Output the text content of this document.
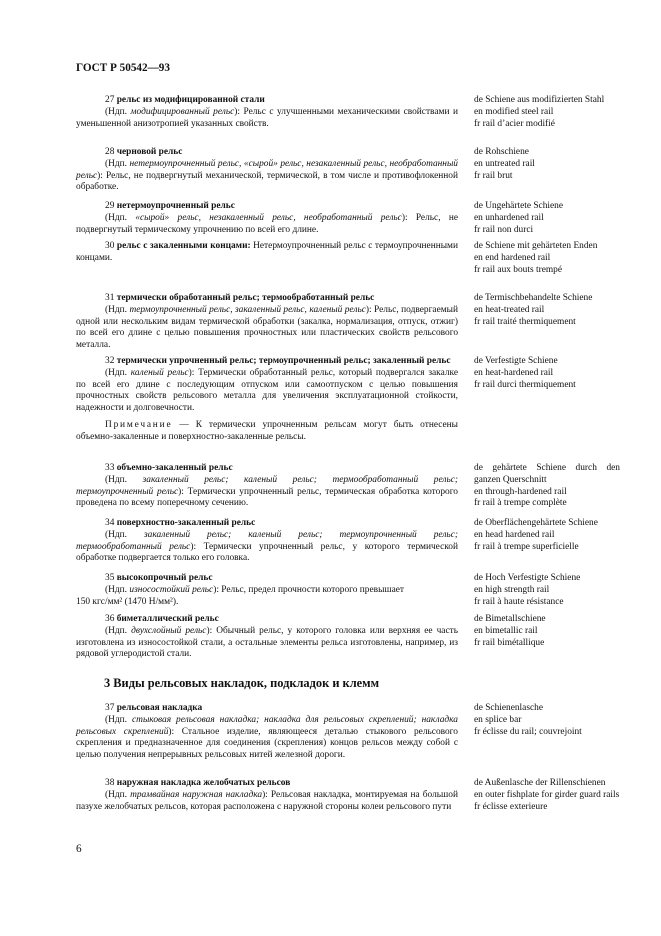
ГОСТ Р 50542—93

27 рельс из модифицированной стали

(Ндп. модифицированный рельс): Рельс с улучшенными механическими свойствами и уменьшенной анизотропией указанных свойств.

de Schiene aus modifizierten Stahl
en modified steel rail
fr rail d’acier modifié

28 черновой рельс

(Ндп. нетермоупрочненный рельс, «сырой» рельс, незакаленный рельс, необработанный рельс): Рельс, не подвергнутый механической, термической, в том числе и противофлокенной обработке.

de Rohschiene
en untreated rail
fr rail brut

29 нетермоупрочненный рельс

(Ндп. «сырой» рельс, незакаленный рельс, необработанный рельс): Рельс, не подвергнутый термическому упрочнению по всей его длине.

de Ungehärtete Schiene
en unhardened rail
fr rail non durci

30 рельс с закаленными концами: Нетермоупрочненный рельс с термоупрочненными концами.

de Schiene mit gehärteten Enden
en end hardened rail
fr rail aux bouts trempé

31 термически обработанный рельс; термообработанный рельс

(Ндп. термоупрочненный рельс, закаленный рельс, каленый рельс): Рельс, подвергаемый одной или нескольким видам термической обработки (закалка, нормализация, отпуск, отжиг) по всей его длине с целью повышения прочностных или пластических свойств рельсового металла.

de Termischbehandelte Schiene
en heat-treated rail
fr rail traité thermiquement

32 термически упрочненный рельс; термоупрочненный рельс; закаленный рельс

(Ндп. каленый рельс): Термически обработанный рельс, который подвергался закалке по всей его длине с последующим отпуском или самоотпуском с целью повышения прочностных свойств рельсового металла для увеличения эксплуатационной стойкости, надежности и долговечности.

Примечание — К термически упрочненным рельсам могут быть отнесены объемно-закаленные и поверхностно-закаленные рельсы.

de Verfestigte Schiene
en heat-hardened rail
fr rail durci thermiquement

33 объемно-закаленный рельс

(Ндп. закаленный рельс; каленый рельс; термообработанный рельс; термоупрочненный рельс): Термически упрочненный рельс, термическая обработка которого проведена по всему поперечному сечению.

de gehärtete Schiene durch den ganzen Querschnitt
en through-hardened rail
fr rail à trempe complète

34 поверхностно-закаленный рельс

(Ндп. закаленный рельс; каленый рельс; термоупрочненный рельс; термообработанный рельс): Термически упрочненный рельс, у которого термической обработке подвергается только его головка.

de Oberflächengehärtete Schiene
en head hardened rail
fr rail à trempe superficielle

35 высокопрочный рельс

(Ндп. износостойкий рельс): Рельс, предел прочности которого превышает

150 кгс/мм² (1470 Н/мм²).

de Hoch Verfestigte Schiene
en high strength rail
fr rail à haute résistance

36 биметаллический рельс

(Ндп. двухслойный рельс): Обычный рельс, у которого головка или верхняя ее часть изготовлена из износостойкой стали, а остальные элементы рельса изготовлены, например, из рядовой углеродистой стали.

de Bimetallschiene
en bimetallic rail
fr rail bimétallique
3 Виды рельсовых накладок, подкладок и клемм

37 рельсовая накладка

(Ндп. стыковая рельсовая накладка; накладка для рельсовых скреплений; накладка рельсовых скреплений): Стальное изделие, являющееся деталью стыкового рельсового скрепления и предназначенное для соединения (скрепления) концов рельсов между собой с целью получения непрерывных рельсовых нитей железной дороги.

de Schienenlasche
en splice bar
fr éclisse du rail; couvrejoint

38 наружная накладка желобчатых рельсов

(Ндп. трамвайная наружная накладка): Рельсовая накладка, монтируемая на большой пазухе желобчатых рельсов, которая расположена с наружной стороны колеи рельсового пути

de Außenlasche der Rillenschienen
en outer fishplate for girder guard rails
fr éclisse exterieure
6
